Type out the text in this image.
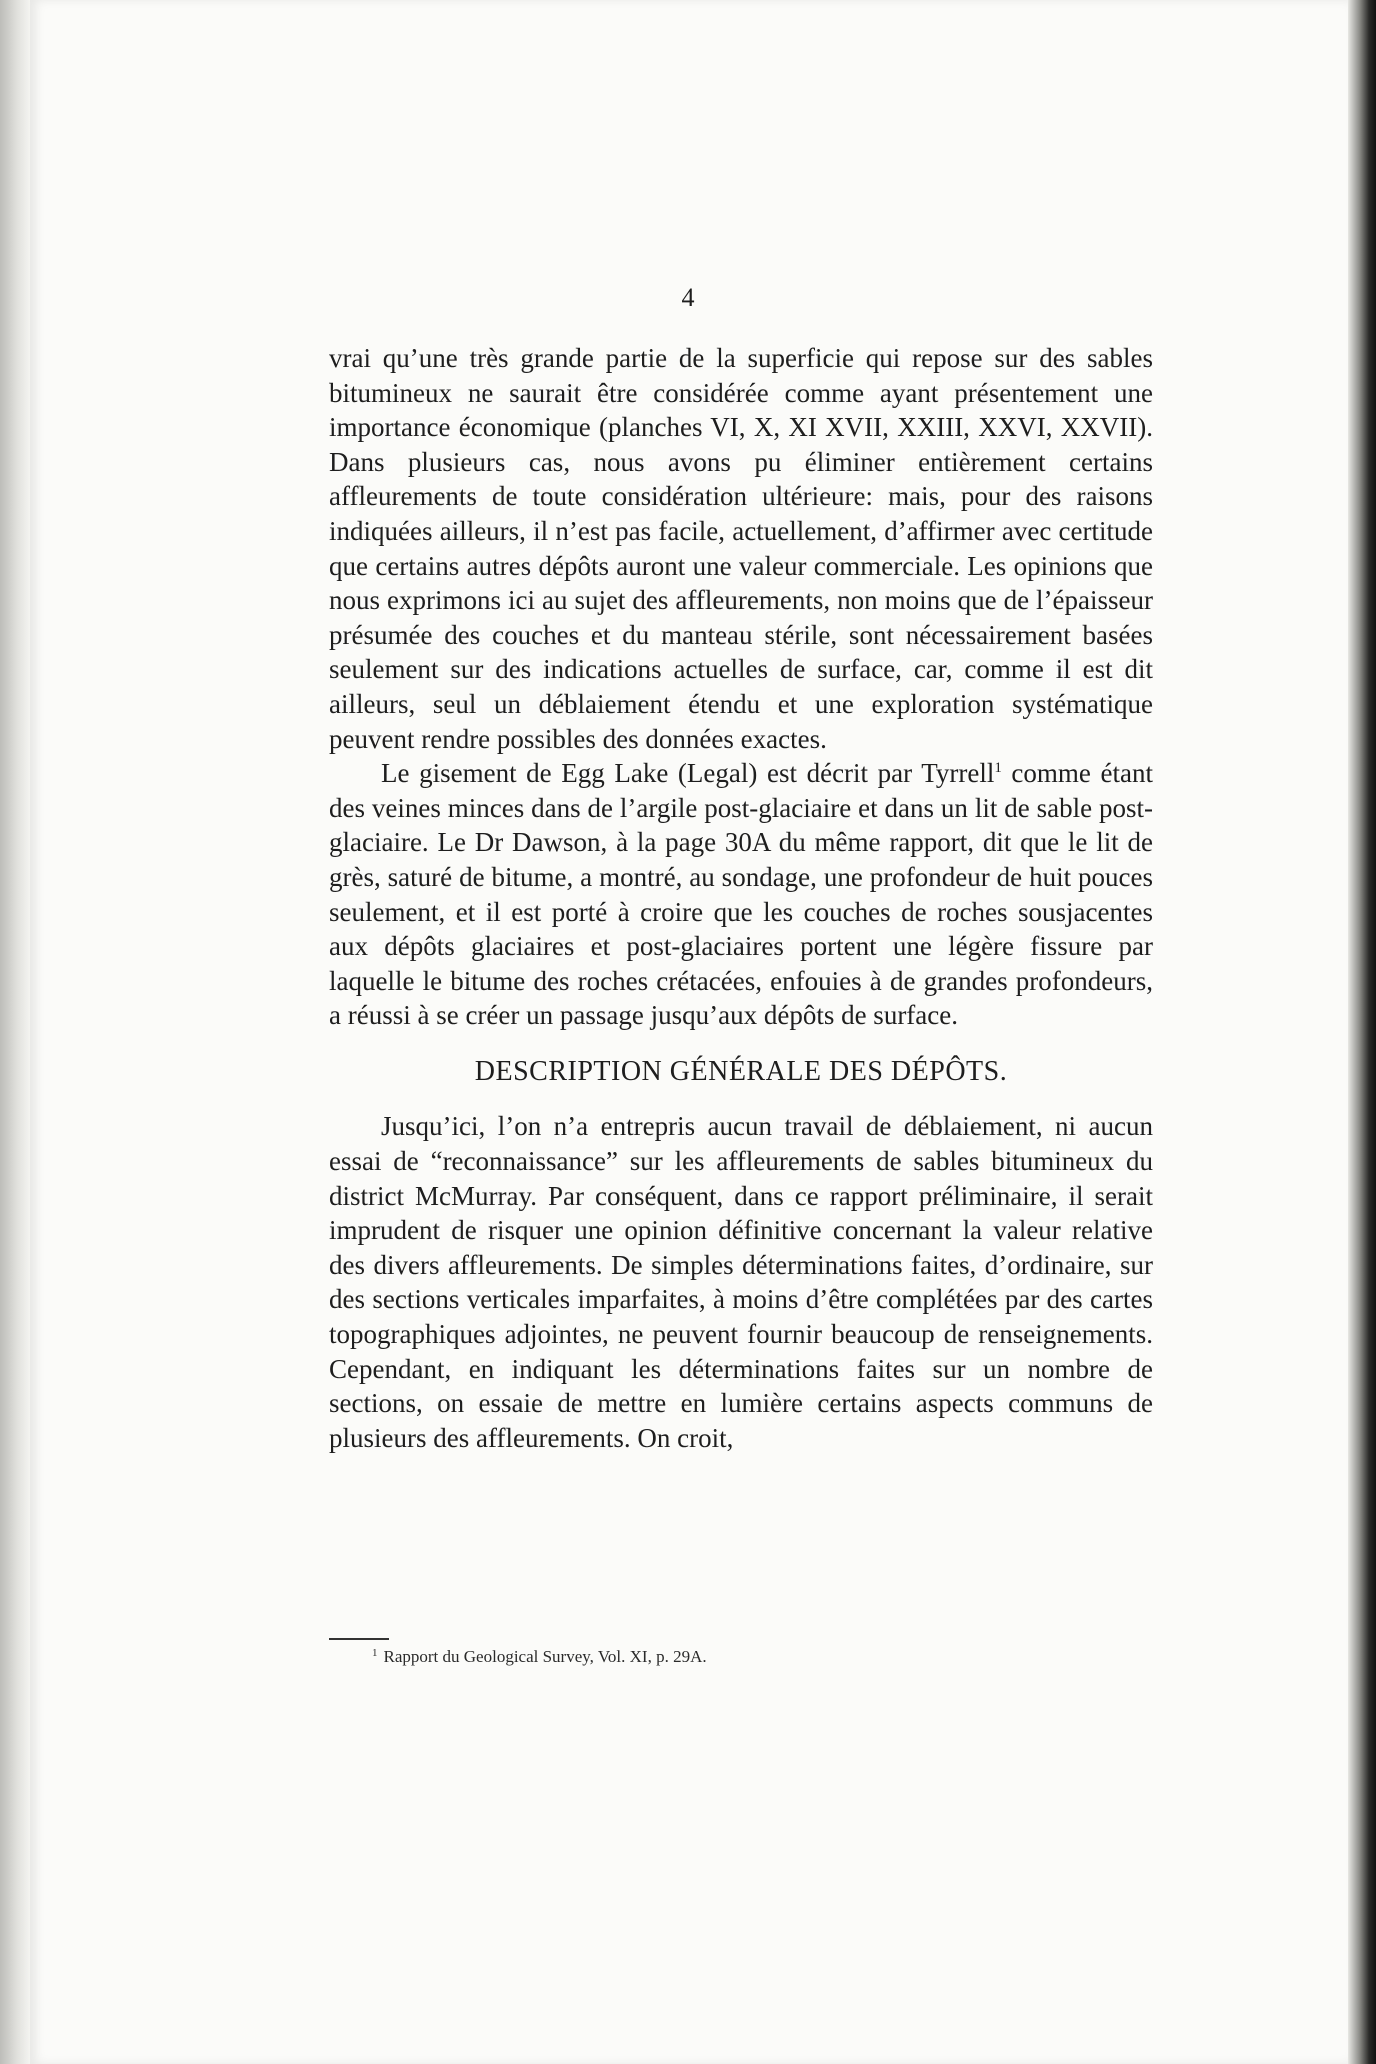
4

vrai qu’une très grande partie de la superficie qui repose sur des sables bitumineux ne saurait être considérée comme ayant présentement une importance économique (planches VI, X, XI XVII, XXIII, XXVI, XXVII). Dans plusieurs cas, nous avons pu éliminer entièrement certains affleurements de toute considération ultérieure: mais, pour des raisons indiquées ailleurs, il n’est pas facile, actuellement, d’affirmer avec certitude que certains autres dépôts auront une valeur commerciale. Les opinions que nous exprimons ici au sujet des affleurements, non moins que de l’épaisseur présumée des couches et du manteau stérile, sont nécessairement basées seulement sur des indications actuelles de surface, car, comme il est dit ailleurs, seul un déblaiement étendu et une exploration systématique peuvent rendre possibles des données exactes.

Le gisement de Egg Lake (Legal) est décrit par Tyrrell$^1$ comme étant des veines minces dans de l’argile post-glaciaire et dans un lit de sable post-glaciaire. Le Dr Dawson, à la page 30A du même rapport, dit que le lit de grès, saturé de bitume, a montré, au sondage, une profondeur de huit pouces seulement, et il est porté à croire que les couches de roches sousjacentes aux dépôts glaciaires et post-glaciaires portent une légère fissure par laquelle le bitume des roches crétacées, enfouies à de grandes profondeurs, a réussi à se créer un passage jusqu’aux dépôts de surface.

DESCRIPTION GÉNÉRALE DES DÉPÔTS.

Jusqu’ici, l’on n’a entrepris aucun travail de déblaiement, ni aucun essai de “reconnaissance” sur les affleurements de sables bitumineux du district McMurray. Par conséquent, dans ce rapport préliminaire, il serait imprudent de risquer une opinion définitive concernant la valeur relative des divers affleurements. De simples déterminations faites, d’ordinaire, sur des sections verticales imparfaites, à moins d’être complétées par des cartes topographiques adjointes, ne peuvent fournir beaucoup de renseignements. Cependant, en indiquant les déterminations faites sur un nombre de sections, on essaie de mettre en lumière certains aspects communs de plusieurs des affleurements. On croit,

$^1$ Rapport du Geological Survey, Vol. XI, p. 29A.
